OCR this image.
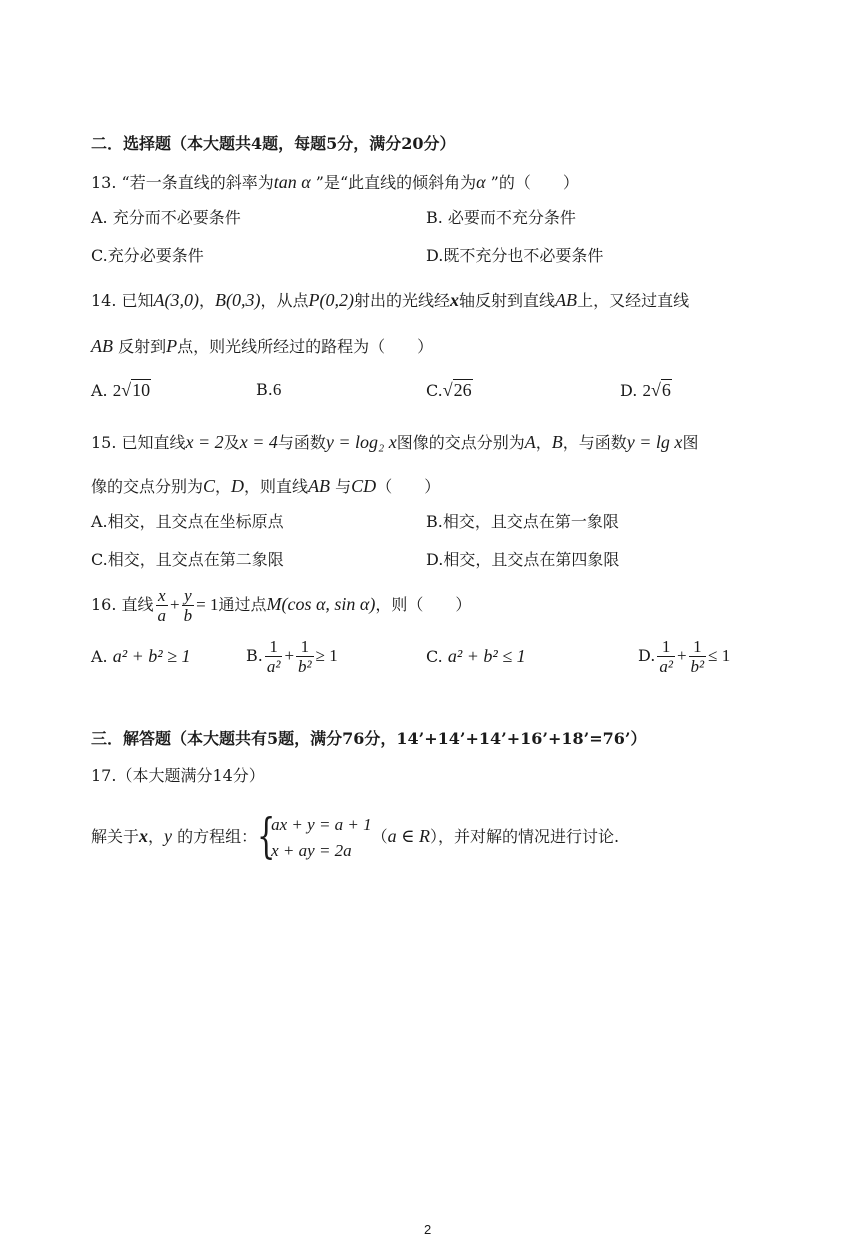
二．选择题（本大题共4题，每题5分，满分20分）
13. “若一条直线的斜率为tan α ”是“此直线的倾斜角为α ”的（　　）
A. 充分而不必要条件	B. 必要而不充分条件
C.充分必要条件	D.既不充分也不必要条件
14. 已知A(3,0)，B(0,3)，从点P(0,2)射出的光线经x轴反射到直线AB上，又经过直线
AB 反射到P点，则光线所经过的路程为（　　）
A. 2√10	B.6	C.√26	D. 2√6
15. 已知直线x = 2及x = 4与函数y = log₂ x图像的交点分别为A，B，与函数y = lg x图
像的交点分别为C，D，则直线AB 与CD（　　）
A.相交，且交点在坐标原点	B.相交，且交点在第一象限
C.相交，且交点在第二象限	D.相交，且交点在第四象限
16. 直线 $\frac{x}{a} + \frac{y}{b} = 1$通过点M(cos α, sin α)，则（　　）
A. a² + b² ≥ 1	B. $\frac{1}{\text{a²}} + \frac{1}{\text{b²}} \ge 1$	C. a² + b² ≤ 1	D. $\frac{1}{\text{a²}} + \frac{1}{\text{b²}} \le 1$
三．解答题（本大题共有5题，满分76分，14’+14’+14’+16’+18’=76’）
17.（本大题满分14分）
解关于x，y 的方程组： {
ax + y = a + 1
x + ay = 2a
（a ∈ R），并对解的情况进行讨论.
2
